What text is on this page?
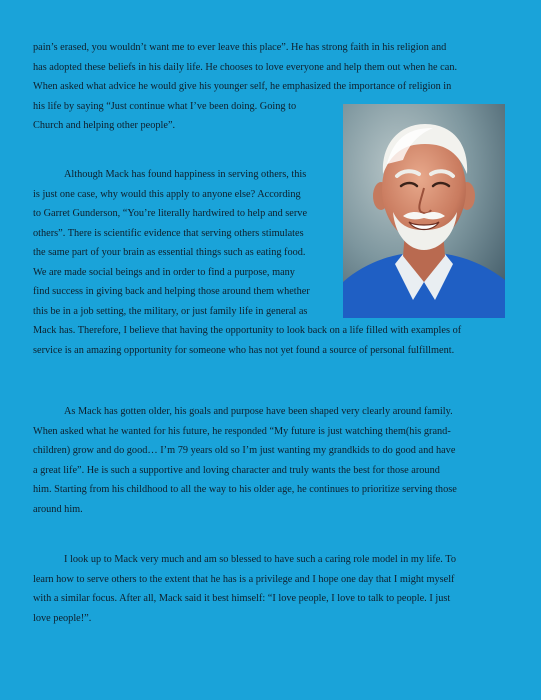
pain’s erased, you wouldn’t want me to ever leave this place”. He has strong faith in his religion and
has adopted these beliefs in his daily life. He chooses to love everyone and help them out when he can.
When asked what advice he would give his younger self, he emphasized the importance of religion in
his life by saying “Just continue what I’ve been doing. Going to
Church and helping other people”.

Although Mack has found happiness in serving others, this
is just one case, why would this apply to anyone else? According
to Garret Gunderson, “You’re literally hardwired to help and serve
others”. There is scientific evidence that serving others stimulates
the same part of your brain as essential things such as eating food.
We are made social beings and in order to find a purpose, many
find success in giving back and helping those around them whether
this be in a job setting, the military, or just family life in general as
Mack has. Therefore, I believe that having the opportunity to look back on a life filled with examples of
service is an amazing opportunity for someone who has not yet found a source of personal fulfillment.

As Mack has gotten older, his goals and purpose have been shaped very clearly around family.
When asked what he wanted for his future, he responded “My future is just watching them(his grand-
children) grow and do good… I’m 79 years old so I’m just wanting my grandkids to do good and have
a great life”. He is such a supportive and loving character and truly wants the best for those around
him. Starting from his childhood to all the way to his older age, he continues to prioritize serving those
around him.

I look up to Mack very much and am so blessed to have such a caring role model in my life. To
learn how to serve others to the extent that he has is a privilege and I hope one day that I might myself
with a similar focus. After all, Mack said it best himself: “I love people, I love to talk to people. I just
love people!”.
